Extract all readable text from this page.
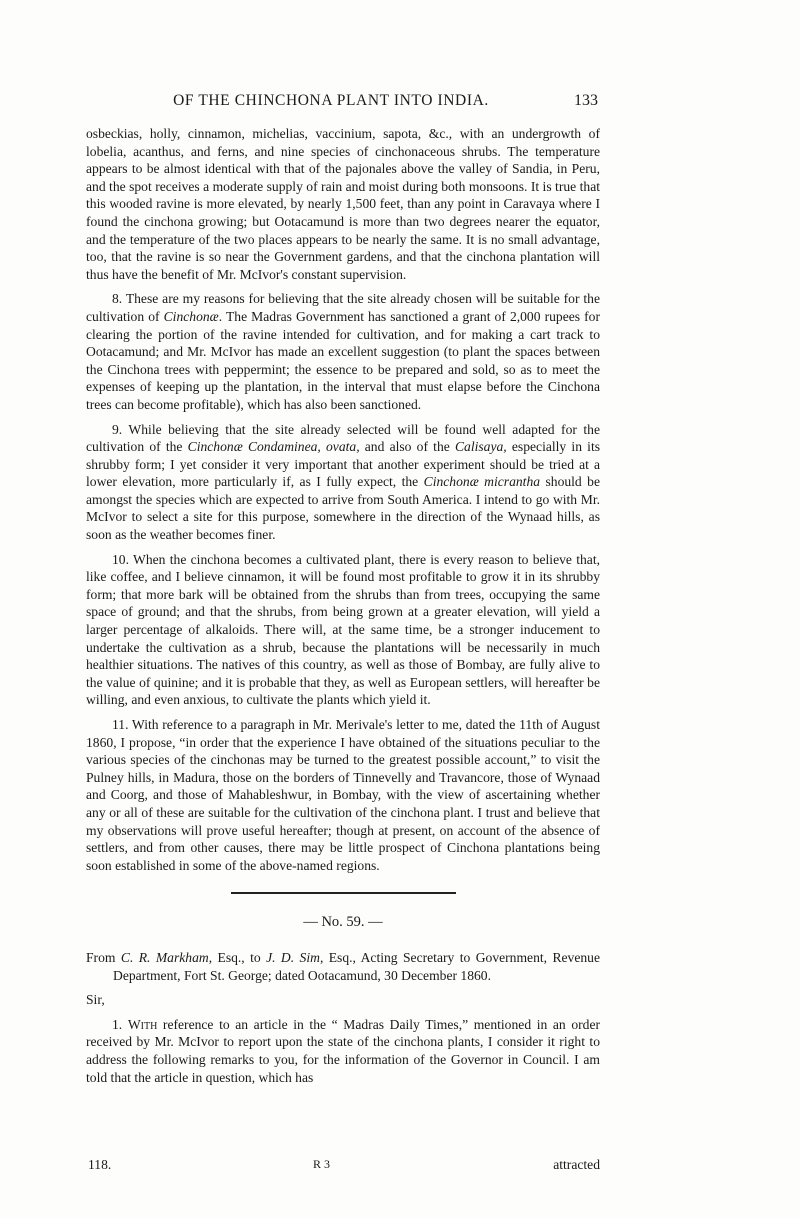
OF THE CHINCHONA PLANT INTO INDIA.	133

osbeckias, holly, cinnamon, michelias, vaccinium, sapota, &c., with an undergrowth of lobelia, acanthus, and ferns, and nine species of cinchonaceous shrubs. The temperature appears to be almost identical with that of the pajonales above the valley of Sandia, in Peru, and the spot receives a moderate supply of rain and moist during both monsoons. It is true that this wooded ravine is more elevated, by nearly 1,500 feet, than any point in Caravaya where I found the cinchona growing; but Ootacamund is more than two degrees nearer the equator, and the temperature of the two places appears to be nearly the same. It is no small advantage, too, that the ravine is so near the Government gardens, and that the cinchona plantation will thus have the benefit of Mr. McIvor's constant supervision.

8. These are my reasons for believing that the site already chosen will be suitable for the cultivation of Cinchonæ. The Madras Government has sanctioned a grant of 2,000 rupees for clearing the portion of the ravine intended for cultivation, and for making a cart track to Ootacamund; and Mr. McIvor has made an excellent suggestion (to plant the spaces between the Cinchona trees with peppermint; the essence to be prepared and sold, so as to meet the expenses of keeping up the plantation, in the interval that must elapse before the Cinchona trees can become profitable), which has also been sanctioned.

9. While believing that the site already selected will be found well adapted for the cultivation of the Cinchonæ Condaminea, ovata, and also of the Calisaya, especially in its shrubby form; I yet consider it very important that another experiment should be tried at a lower elevation, more particularly if, as I fully expect, the Cinchonæ micrantha should be amongst the species which are expected to arrive from South America. I intend to go with Mr. McIvor to select a site for this purpose, somewhere in the direction of the Wynaad hills, as soon as the weather becomes finer.

10. When the cinchona becomes a cultivated plant, there is every reason to believe that, like coffee, and I believe cinnamon, it will be found most profitable to grow it in its shrubby form; that more bark will be obtained from the shrubs than from trees, occupying the same space of ground; and that the shrubs, from being grown at a greater elevation, will yield a larger percentage of alkaloids. There will, at the same time, be a stronger inducement to undertake the cultivation as a shrub, because the plantations will be necessarily in much healthier situations. The natives of this country, as well as those of Bombay, are fully alive to the value of quinine; and it is probable that they, as well as European settlers, will hereafter be willing, and even anxious, to cultivate the plants which yield it.

11. With reference to a paragraph in Mr. Merivale's letter to me, dated the 11th of August 1860, I propose, “in order that the experience I have obtained of the situations peculiar to the various species of the cinchonas may be turned to the greatest possible account,” to visit the Pulney hills, in Madura, those on the borders of Tinnevelly and Travancore, those of Wynaad and Coorg, and those of Mahableshwur, in Bombay, with the view of ascertaining whether any or all of these are suitable for the cultivation of the cinchona plant. I trust and believe that my observations will prove useful hereafter; though at present, on account of the absence of settlers, and from other causes, there may be little prospect of Cinchona plantations being soon established in some of the above-named regions.

— No. 59. —

From C. R. Markham, Esq., to J. D. Sim, Esq., Acting Secretary to Government, Revenue Department, Fort St. George; dated Ootacamund, 30 December 1860.

Sir,

1. With reference to an article in the “ Madras Daily Times,” mentioned in an order received by Mr. McIvor to report upon the state of the cinchona plants, I consider it right to address the following remarks to you, for the information of the Governor in Council. I am told that the article in question, which has

118.	R 3	attracted
